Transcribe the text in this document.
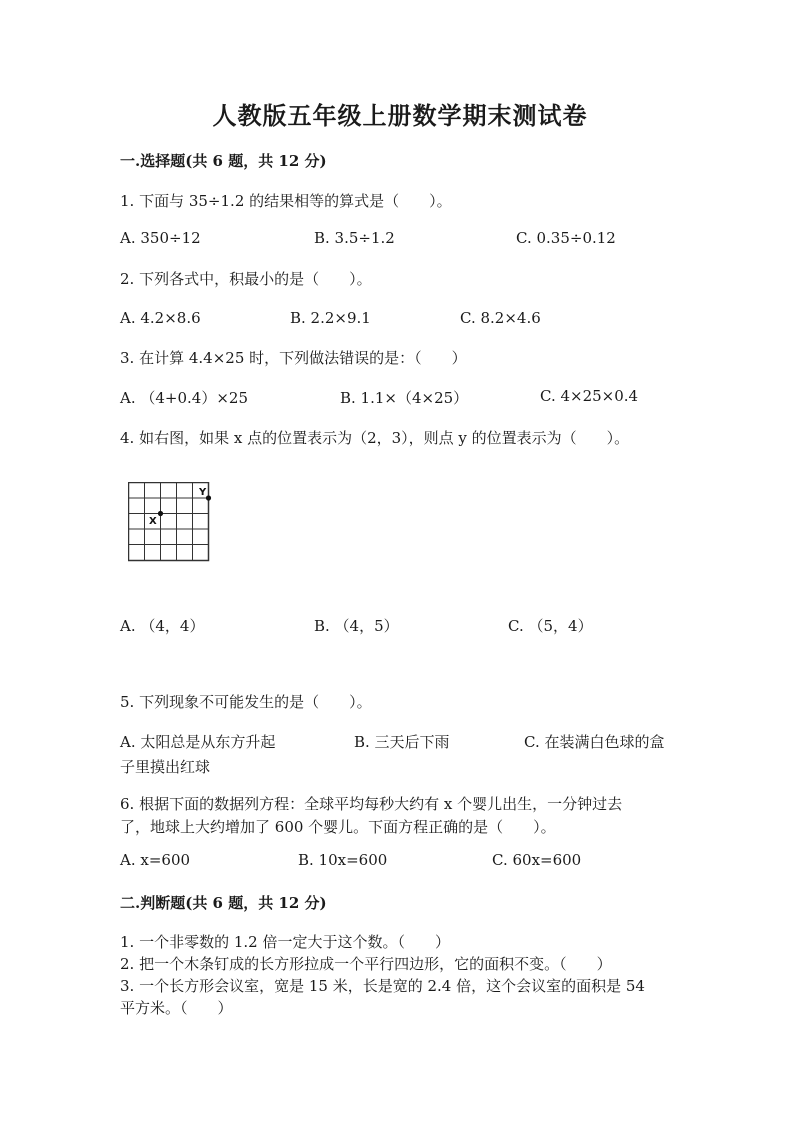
人教版五年级上册数学期末测试卷
一.选择题(共 6 题，共 12 分)
1. 下面与 35÷1.2 的结果相等的算式是（　　）。
A. 350÷12	B. 3.5÷1.2	C. 0.35÷0.12
2. 下列各式中，积最小的是（　　）。
A. 4.2×8.6	B. 2.2×9.1	C. 8.2×4.6
3. 在计算 4.4×25 时，下列做法错误的是：（　　）
A. （4+0.4）×25	B. 1.1×（4×25）	C. 4×25×0.4
4. 如右图，如果 x 点的位置表示为（2，3），则点 y 的位置表示为（　　）。
X
Y
A. （4，4）	B. （4，5）	C. （5，4）
5. 下列现象不可能发生的是（　　）。
A. 太阳总是从东方升起	B. 三天后下雨	C. 在装满白色球的盒
子里摸出红球
6. 根据下面的数据列方程：全球平均每秒大约有 x 个婴儿出生，一分钟过去
了，地球上大约增加了 600 个婴儿。下面方程正确的是（　　）。
A. x=600	B. 10x=600	C. 60x=600
二.判断题(共 6 题，共 12 分)
1. 一个非零数的 1.2 倍一定大于这个数。（　　）
2. 把一个木条钉成的长方形拉成一个平行四边形，它的面积不变。（　　）
3. 一个长方形会议室，宽是 15 米，长是宽的 2.4 倍，这个会议室的面积是 54
平方米。（　　）
